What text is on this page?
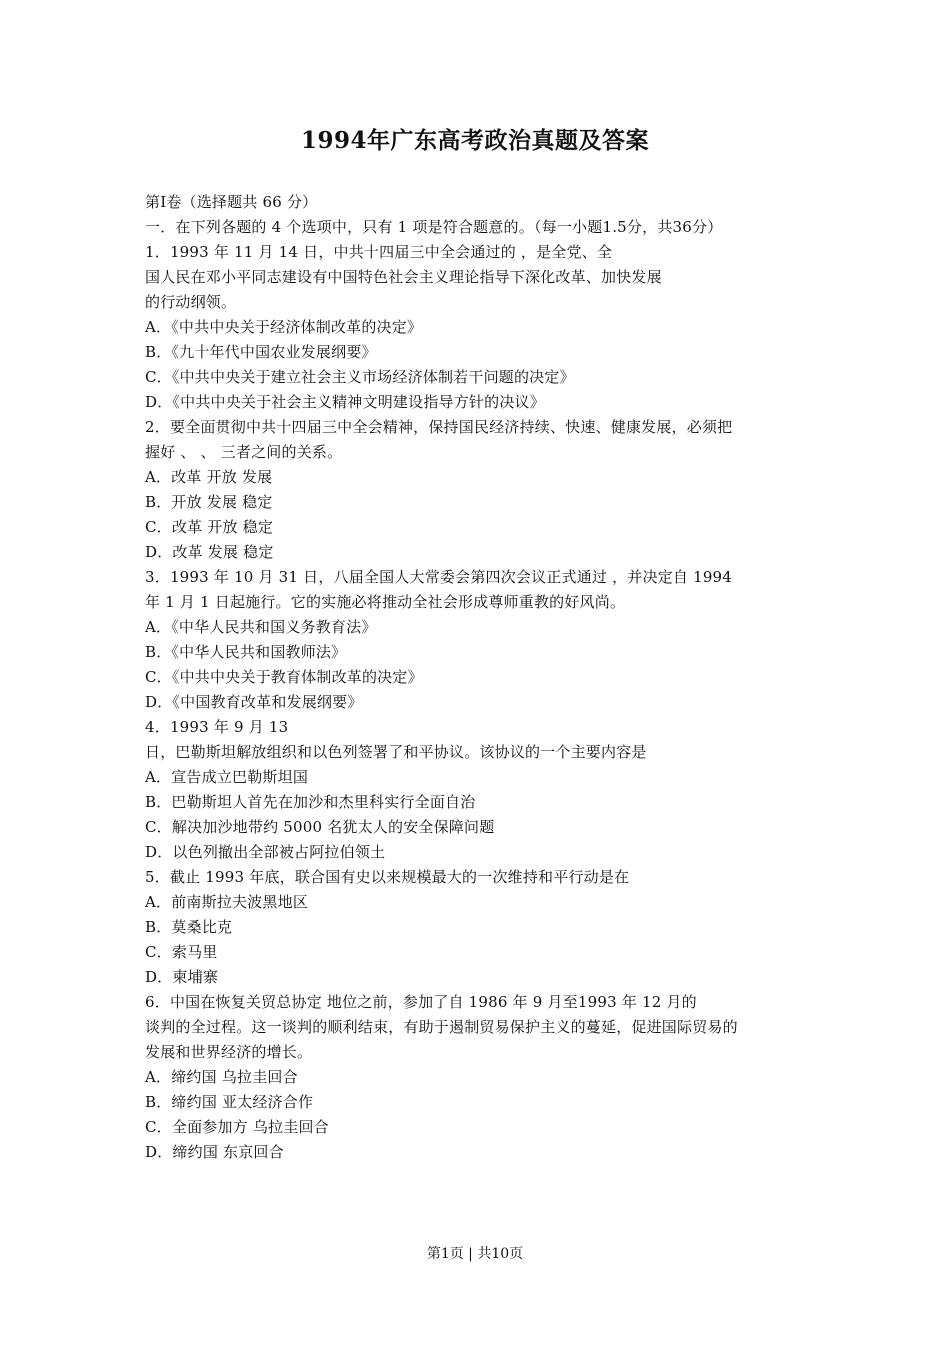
1994年广东高考政治真题及答案
第Ⅰ卷（选择题共 66 分）
一．在下列各题的 4 个选项中，只有 1 项是符合题意的。（每一小题1.5分，共36分）
1．1993 年 11 月 14 日，中共十四届三中全会通过的 ，是全党、全
国人民在邓小平同志建设有中国特色社会主义理论指导下深化改革、加快发展
的行动纲领。
A．《中共中央关于经济体制改革的决定》
B．《九十年代中国农业发展纲要》
C．《中共中央关于建立社会主义市场经济体制若干问题的决定》
D．《中共中央关于社会主义精神文明建设指导方针的决议》
2．要全面贯彻中共十四届三中全会精神，保持国民经济持续、快速、健康发展，必须把
握好 、 、 三者之间的关系。
A．改革 开放 发展
B．开放 发展 稳定
C．改革 开放 稳定
D．改革 发展 稳定
3．1993 年 10 月 31 日，八届全国人大常委会第四次会议正式通过 ，并决定自 1994
年 1 月 1 日起施行。它的实施必将推动全社会形成尊师重教的好风尚。
A．《中华人民共和国义务教育法》
B．《中华人民共和国教师法》
C．《中共中央关于教育体制改革的决定》
D．《中国教育改革和发展纲要》
4．1993 年 9 月 13
日，巴勒斯坦解放组织和以色列签署了和平协议。该协议的一个主要内容是
A．宣告成立巴勒斯坦国
B．巴勒斯坦人首先在加沙和杰里科实行全面自治
C．解决加沙地带约 5000 名犹太人的安全保障问题
D．以色列撤出全部被占阿拉伯领土
5．截止 1993 年底，联合国有史以来规模最大的一次维持和平行动是在
A．前南斯拉夫波黑地区
B．莫桑比克
C．索马里
D．柬埔寨
6．中国在恢复关贸总协定 地位之前，参加了自 1986 年 9 月至1993 年 12 月的
谈判的全过程。这一谈判的顺利结束，有助于遏制贸易保护主义的蔓延，促进国际贸易的
发展和世界经济的增长。
A．缔约国 乌拉圭回合
B．缔约国 亚太经济合作
C．全面参加方 乌拉圭回合
D．缔约国 东京回合
第1页 | 共10页
